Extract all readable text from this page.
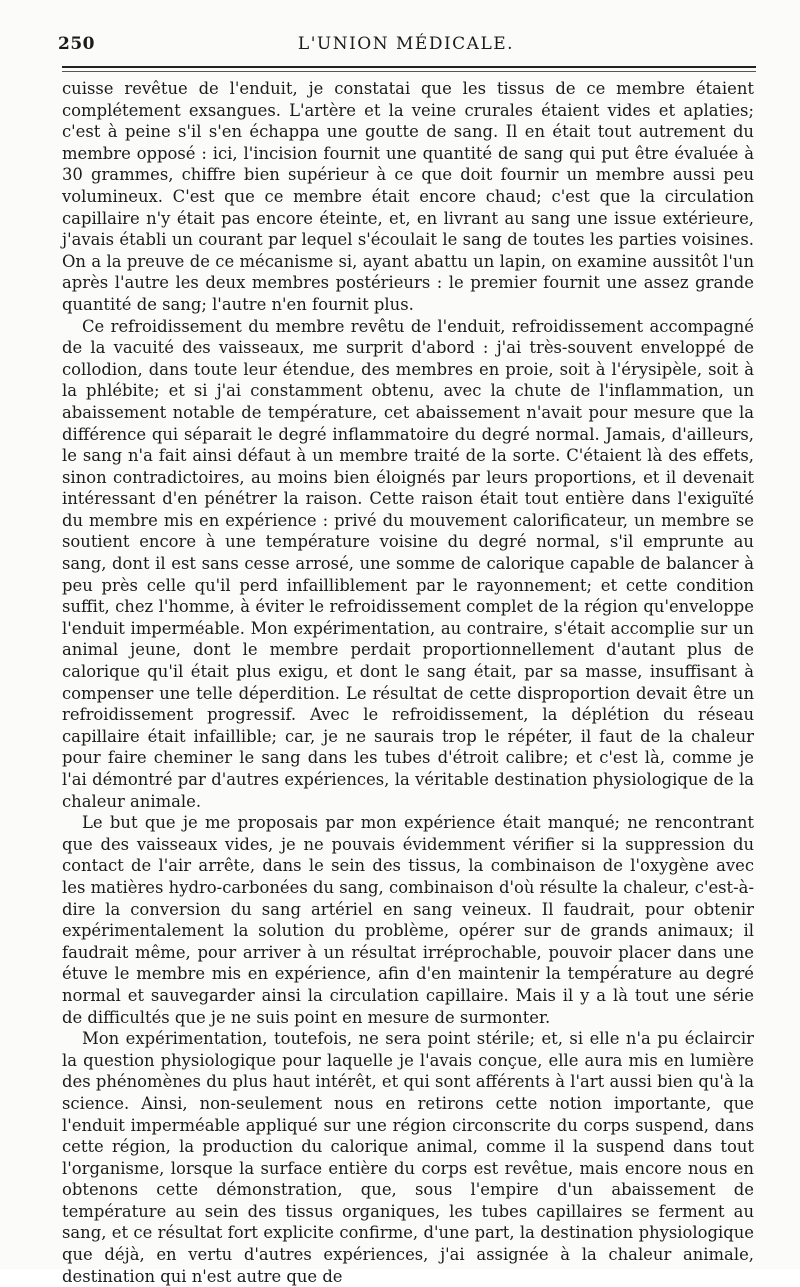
250	L'UNION MÉDICALE.

cuisse revêtue de l'enduit, je constatai que les tissus de ce membre étaient complétement exsangues. L'artère et la veine crurales étaient vides et aplaties; c'est à peine s'il s'en échappa une goutte de sang. Il en était tout autrement du membre opposé : ici, l'incision fournit une quantité de sang qui put être évaluée à 30 grammes, chiffre bien supérieur à ce que doit fournir un membre aussi peu volumineux. C'est que ce membre était encore chaud; c'est que la circulation capillaire n'y était pas encore éteinte, et, en livrant au sang une issue extérieure, j'avais établi un courant par lequel s'écoulait le sang de toutes les parties voisines. On a la preuve de ce mécanisme si, ayant abattu un lapin, on examine aussitôt l'un après l'autre les deux membres postérieurs : le premier fournit une assez grande quantité de sang; l'autre n'en fournit plus.

Ce refroidissement du membre revêtu de l'enduit, refroidissement accompagné de la vacuité des vaisseaux, me surprit d'abord : j'ai très-souvent enveloppé de collodion, dans toute leur étendue, des membres en proie, soit à l'érysipèle, soit à la phlébite; et si j'ai constamment obtenu, avec la chute de l'inflammation, un abaissement notable de température, cet abaissement n'avait pour mesure que la différence qui séparait le degré inflammatoire du degré normal. Jamais, d'ailleurs, le sang n'a fait ainsi défaut à un membre traité de la sorte. C'étaient là des effets, sinon contradictoires, au moins bien éloignés par leurs proportions, et il devenait intéressant d'en pénétrer la raison. Cette raison était tout entière dans l'exiguïté du membre mis en expérience : privé du mouvement calorificateur, un membre se soutient encore à une température voisine du degré normal, s'il emprunte au sang, dont il est sans cesse arrosé, une somme de calorique capable de balancer à peu près celle qu'il perd infailliblement par le rayonnement; et cette condition suffit, chez l'homme, à éviter le refroidissement complet de la région qu'enveloppe l'enduit imperméable. Mon expérimentation, au contraire, s'était accomplie sur un animal jeune, dont le membre perdait proportionnellement d'autant plus de calorique qu'il était plus exigu, et dont le sang était, par sa masse, insuffisant à compenser une telle déperdition. Le résultat de cette disproportion devait être un refroidissement progressif. Avec le refroidissement, la déplétion du réseau capillaire était infaillible; car, je ne saurais trop le répéter, il faut de la chaleur pour faire cheminer le sang dans les tubes d'étroit calibre; et c'est là, comme je l'ai démontré par d'autres expériences, la véritable destination physiologique de la chaleur animale.

Le but que je me proposais par mon expérience était manqué; ne rencontrant que des vaisseaux vides, je ne pouvais évidemment vérifier si la suppression du contact de l'air arrête, dans le sein des tissus, la combinaison de l'oxygène avec les matières hydro-carbonées du sang, combinaison d'où résulte la chaleur, c'est-à-dire la conversion du sang artériel en sang veineux. Il faudrait, pour obtenir expérimentalement la solution du problème, opérer sur de grands animaux; il faudrait même, pour arriver à un résultat irréprochable, pouvoir placer dans une étuve le membre mis en expérience, afin d'en maintenir la température au degré normal et sauvegarder ainsi la circulation capillaire. Mais il y a là tout une série de difficultés que je ne suis point en mesure de surmonter.

Mon expérimentation, toutefois, ne sera point stérile; et, si elle n'a pu éclaircir la question physiologique pour laquelle je l'avais conçue, elle aura mis en lumière des phénomènes du plus haut intérêt, et qui sont afférents à l'art aussi bien qu'à la science. Ainsi, non-seulement nous en retirons cette notion importante, que l'enduit imperméable appliqué sur une région circonscrite du corps suspend, dans cette région, la production du calorique animal, comme il la suspend dans tout l'organisme, lorsque la surface entière du corps est revêtue, mais encore nous en obtenons cette démonstration, que, sous l'empire d'un abaissement de température au sein des tissus organiques, les tubes capillaires se ferment au sang, et ce résultat fort explicite confirme, d'une part, la destination physiologique que déjà, en vertu d'autres expériences, j'ai assignée à la chaleur animale, destination qui n'est autre que de
